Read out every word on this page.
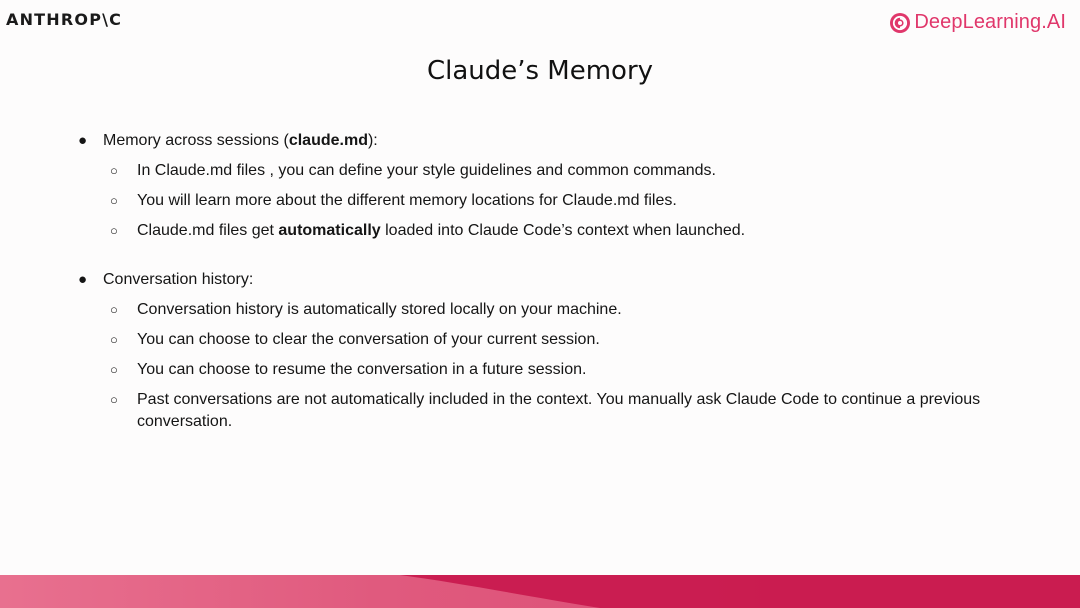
ANTHROP\C	DeepLearning.AI
Claude’s Memory
● Memory across sessions (claude.md):
○ In Claude.md files , you can define your style guidelines and common commands.
○ You will learn more about the different memory locations for Claude.md files.
○ Claude.md files get automatically loaded into Claude Code’s context when launched.
● Conversation history:
○ Conversation history is automatically stored locally on your machine.
○ You can choose to clear the conversation of your current session.
○ You can choose to resume the conversation in a future session.
○ Past conversations are not automatically included in the context. You manually ask Claude Code to continue a previous conversation.
